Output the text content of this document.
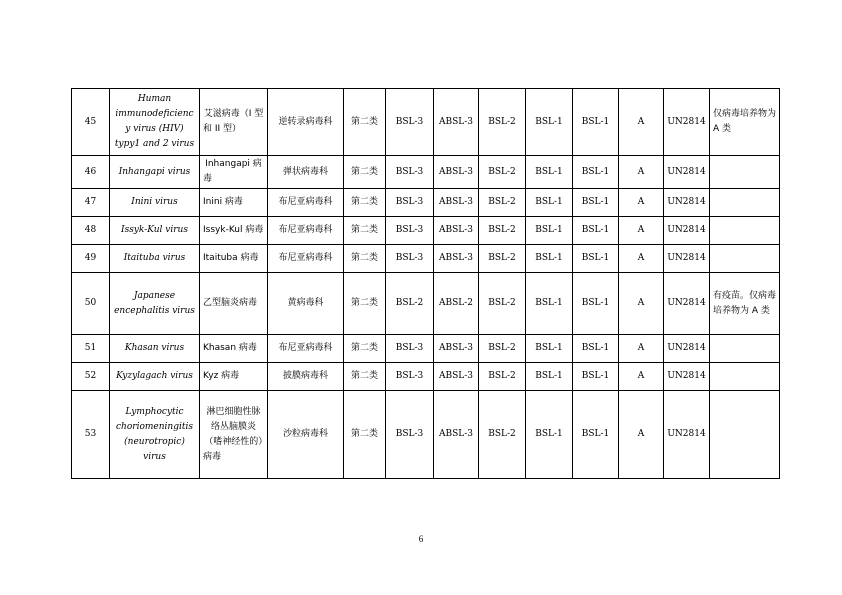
45	Human immunodeficiency virus (HIV) typy1 and 2 virus	艾滋病毒（I 型和 II 型）	逆转录病毒科	第二类	BSL-3	ABSL-3	BSL-2	BSL-1	BSL-1	A	UN2814	仅病毒培养物为 A 类
46	Inhangapi virus	Inhangapi 病毒	弹状病毒科	第二类	BSL-3	ABSL-3	BSL-2	BSL-1	BSL-1	A	UN2814	
47	Inini virus	Inini 病毒	布尼亚病毒科	第二类	BSL-3	ABSL-3	BSL-2	BSL-1	BSL-1	A	UN2814	
48	Issyk-Kul virus	Issyk-Kul 病毒	布尼亚病毒科	第二类	BSL-3	ABSL-3	BSL-2	BSL-1	BSL-1	A	UN2814	
49	Itaituba virus	Itaituba 病毒	布尼亚病毒科	第二类	BSL-3	ABSL-3	BSL-2	BSL-1	BSL-1	A	UN2814	
50	Japanese encephalitis virus	乙型脑炎病毒	黄病毒科	第二类	BSL-2	ABSL-2	BSL-2	BSL-1	BSL-1	A	UN2814	有疫苗。仅病毒培养物为 A 类
51	Khasan virus	Khasan 病毒	布尼亚病毒科	第二类	BSL-3	ABSL-3	BSL-2	BSL-1	BSL-1	A	UN2814	
52	Kyzylagach virus	Kyz 病毒	披膜病毒科	第二类	BSL-3	ABSL-3	BSL-2	BSL-1	BSL-1	A	UN2814	
53	Lymphocytic choriomeningitis (neurotropic) virus	淋巴细胞性脉络丛脑膜炎（嗜神经性的）病毒	沙粒病毒科	第二类	BSL-3	ABSL-3	BSL-2	BSL-1	BSL-1	A	UN2814	
6
